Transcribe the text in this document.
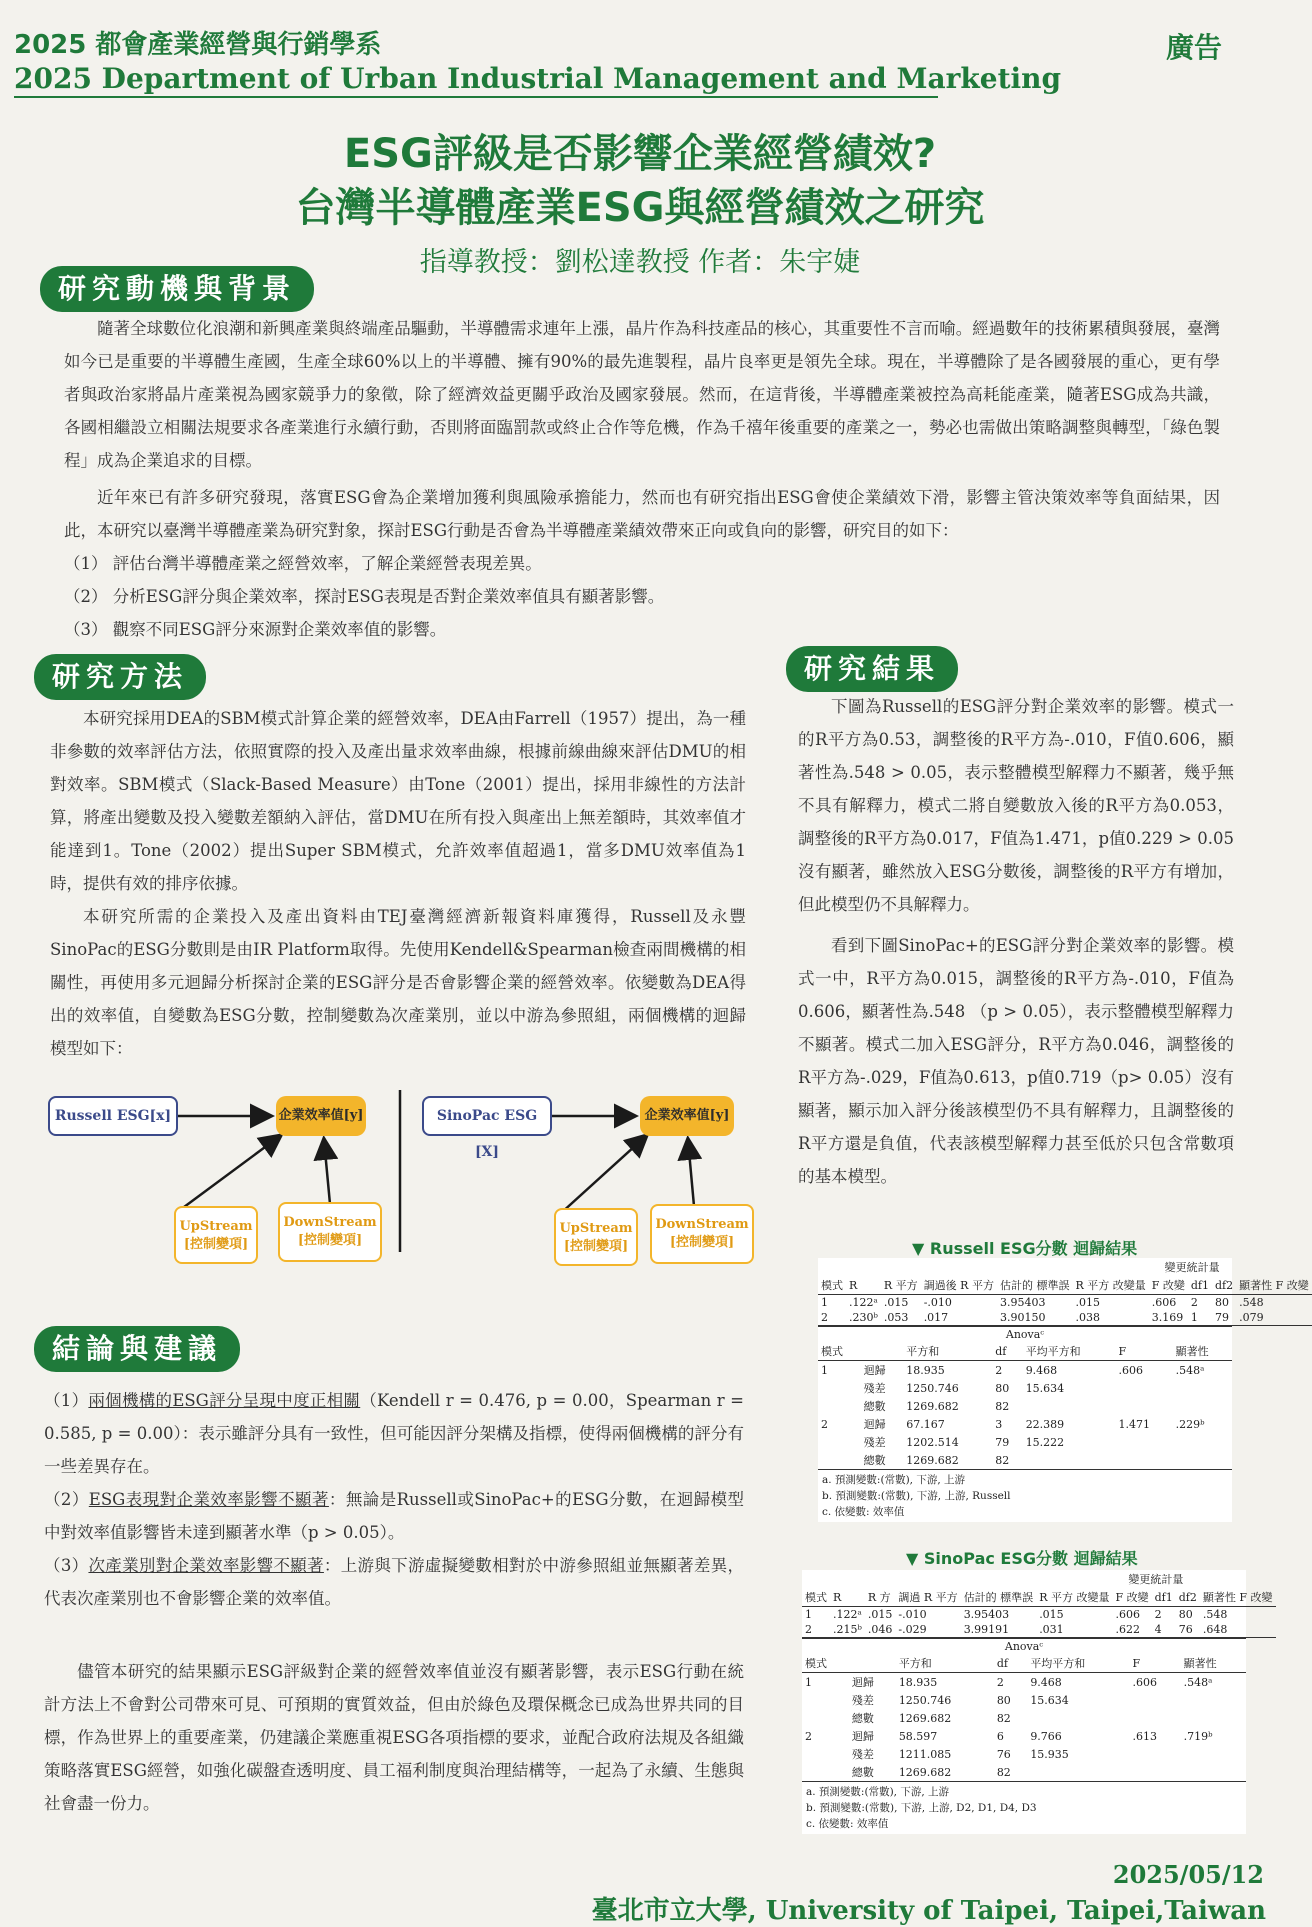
2025 都會產業經營與行銷學系
2025 Department of Urban Industrial Management and Marketing
廣告
ESG評級是否影響企業經營績效?
台灣半導體產業ESG與經營績效之研究
指導教授：劉松達教授 作者：朱宇婕
研究動機與背景

隨著全球數位化浪潮和新興產業與終端產品驅動，半導體需求連年上漲，晶片作為科技產品的核心，其重要性不言而喻。經過數年的技術累積與發展，臺灣如今已是重要的半導體生產國，生產全球60%以上的半導體、擁有90%的最先進製程，晶片良率更是領先全球。現在，半導體除了是各國發展的重心，更有學者與政治家將晶片產業視為國家競爭力的象徵，除了經濟效益更關乎政治及國家發展。然而，在這背後，半導體產業被控為高耗能產業，隨著ESG成為共識，各國相繼設立相關法規要求各產業進行永續行動，否則將面臨罰款或終止合作等危機，作為千禧年後重要的產業之一，勢必也需做出策略調整與轉型，「綠色製程」成為企業追求的目標。

近年來已有許多研究發現，落實ESG會為企業增加獲利與風險承擔能力，然而也有研究指出ESG會使企業績效下滑，影響主管決策效率等負面結果，因此，本研究以臺灣半導體產業為研究對象，探討ESG行動是否會為半導體產業績效帶來正向或負向的影響，研究目的如下：

（1） 評估台灣半導體產業之經營效率，了解企業經營表現差異。

（2） 分析ESG評分與企業效率，探討ESG表現是否對企業效率值具有顯著影響。

（3） 觀察不同ESG評分來源對企業效率值的影響。

研究方法

本研究採用DEA的SBM模式計算企業的經營效率，DEA由Farrell（1957）提出，為一種非參數的效率評估方法，依照實際的投入及產出量求效率曲線，根據前線曲線來評估DMU的相對效率。SBM模式（Slack-Based Measure）由Tone（2001）提出，採用非線性的方法計算，將產出變數及投入變數差額納入評估，當DMU在所有投入與產出上無差額時，其效率值才能達到1。Tone（2002）提出Super SBM模式，允許效率值超過1，當多DMU效率值為1時，提供有效的排序依據。

本研究所需的企業投入及產出資料由TEJ臺灣經濟新報資料庫獲得，Russell及永豐SinoPac的ESG分數則是由IR Platform取得。先使用Kendell&Spearman檢查兩間機構的相關性，再使用多元迴歸分析探討企業的ESG評分是否會影響企業的經營效率。依變數為DEA得出的效率值，自變數為ESG分數，控制變數為次產業別，並以中游為參照組，兩個機構的迴歸模型如下：

Russell ESG[x]	企業效率值[y]
UpStream
[控制變項]
DownStream
[控制變項]
SinoPac ESG [X]
企業效率值[y]
UpStream
[控制變項]
DownStream
[控制變項]
結論與建議

（1）兩個機構的ESG評分呈現中度正相關（Kendell r = 0.476, p = 0.00，Spearman r = 0.585, p = 0.00）：表示雖評分具有一致性，但可能因評分架構及指標，使得兩個機構的評分有一些差異存在。

（2）ESG表現對企業效率影響不顯著：無論是Russell或SinoPac+的ESG分數，在迴歸模型中對效率值影響皆未達到顯著水準（p > 0.05）。

（3）次產業別對企業效率影響不顯著：上游與下游虛擬變數相對於中游參照組並無顯著差異，代表次產業別也不會影響企業的效率值。

儘管本研究的結果顯示ESG評級對企業的經營效率值並沒有顯著影響，表示ESG行動在統計方法上不會對公司帶來可見、可預期的實質效益，但由於綠色及環保概念已成為世界共同的目標，作為世界上的重要產業，仍建議企業應重視ESG各項指標的要求，並配合政府法規及各組織策略落實ESG經營，如強化碳盤查透明度、員工福利制度與治理結構等，一起為了永續、生態與社會盡一份力。

研究結果

下圖為Russell的ESG評分對企業效率的影響。模式一的R平方為0.53，調整後的R平方為-.010，F值0.606，顯著性為.548 > 0.05，表示整體模型解釋力不顯著，幾乎無不具有解釋力，模式二將自變數放入後的R平方為0.053，調整後的R平方為0.017，F值為1.471，p值0.229 > 0.05沒有顯著，雖然放入ESG分數後，調整後的R平方有增加，但此模型仍不具解釋力。

看到下圖SinoPac+的ESG評分對企業效率的影響。模式一中，R平方為0.015，調整後的R平方為-.010，F值為0.606，顯著性為.548 （p > 0.05），表示整體模型解釋力不顯著。模式二加入ESG評分，R平方為0.046，調整後的R平方為-.029，F值為0.613，p值0.719（p> 0.05）沒有顯著，顯示加入評分後該模型仍不具有解釋力，且調整後的R平方還是負值，代表該模型解釋力甚至低於只包含常數項的基本模型。

▼ Russell ESG分數 迴歸結果
					變更統計量				
模式	R	R 平方	調過後 R 平方	估計的 標準誤	R 平方 改變量	F 改變	df1	df2	顯著性 F 改變
1	.122ᵃ	.015	-.010	3.95403	.015	.606	2	80	.548
2	.230ᵇ	.053	.017	3.90150	.038	3.169	1	79	.079
Anovaᶜ						
模式		平方和	df	平均平方和	F	顯著性
1	迴歸	18.935	2	9.468	.606	.548ᵃ
	殘差	1250.746	80	15.634		
	總數	1269.682	82			
2	迴歸	67.167	3	22.389	1.471	.229ᵇ
	殘差	1202.514	79	15.222		
	總數	1269.682	82			
a. 預測變數:(常數), 下游, 上游
b. 預測變數:(常數), 下游, 上游, Russell
c. 依變數: 效率值
▼ SinoPac ESG分數 迴歸結果
					變更統計量				
模式	R	R 方	調過 R 平方	估計的 標準誤	R 平方 改變量	F 改變	df1	df2	顯著性 F 改變
1	.122ᵃ	.015	-.010	3.95403	.015	.606	2	80	.548
2	.215ᵇ	.046	-.029	3.99191	.031	.622	4	76	.648
Anovaᶜ						
模式		平方和	df	平均平方和	F	顯著性
1	迴歸	18.935	2	9.468	.606	.548ᵃ
	殘差	1250.746	80	15.634		
	總數	1269.682	82			
2	迴歸	58.597	6	9.766	.613	.719ᵇ
	殘差	1211.085	76	15.935		
	總數	1269.682	82			
a. 預測變數:(常數), 下游, 上游
b. 預測變數:(常數), 下游, 上游, D2, D1, D4, D3
c. 依變數: 效率值
2025/05/12
臺北市立大學, University of Taipei, Taipei,Taiwan
